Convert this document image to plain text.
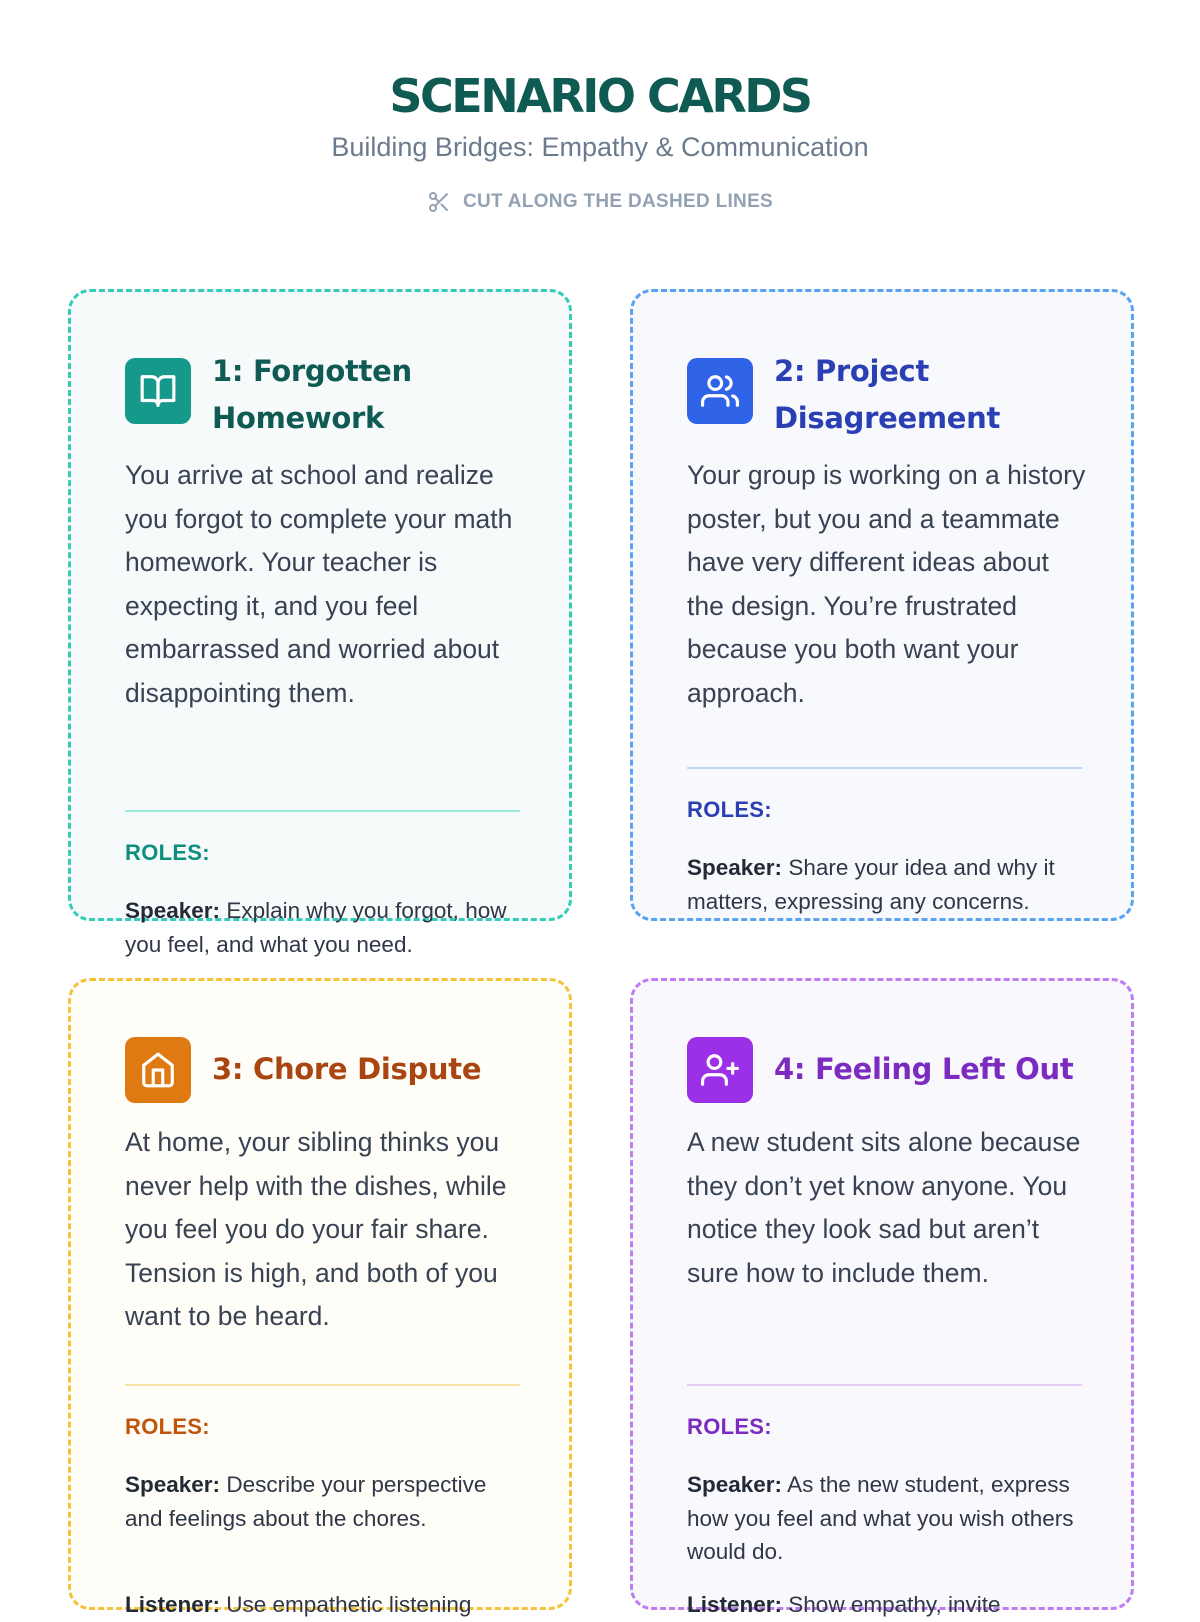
SCENARIO CARDS
Building Bridges: Empathy & Communication
CUT ALONG THE DASHED LINES
1: Forgotten Homework
You arrive at school and realize you forgot to complete your math homework. Your teacher is expecting it, and you feel embarrassed and worried about disappointing them.
ROLES:
Speaker: Explain why you forgot, how you feel, and what you need.
2: Project Disagreement
Your group is working on a history poster, but you and a teammate have very different ideas about the design. You’re frustrated because you both want your approach.
ROLES:
Speaker: Share your idea and why it matters, expressing any concerns.
3: Chore Dispute
At home, your sibling thinks you never help with the dishes, while you feel you do your fair share. Tension is high, and both of you want to be heard.
ROLES:
Speaker: Describe your perspective and feelings about the chores.
Listener: Use empathetic listening
4: Feeling Left Out
A new student sits alone because they don’t yet know anyone. You notice they look sad but aren’t sure how to include them.
ROLES:
Speaker: As the new student, express how you feel and what you wish others would do.
Listener: Show empathy, invite
